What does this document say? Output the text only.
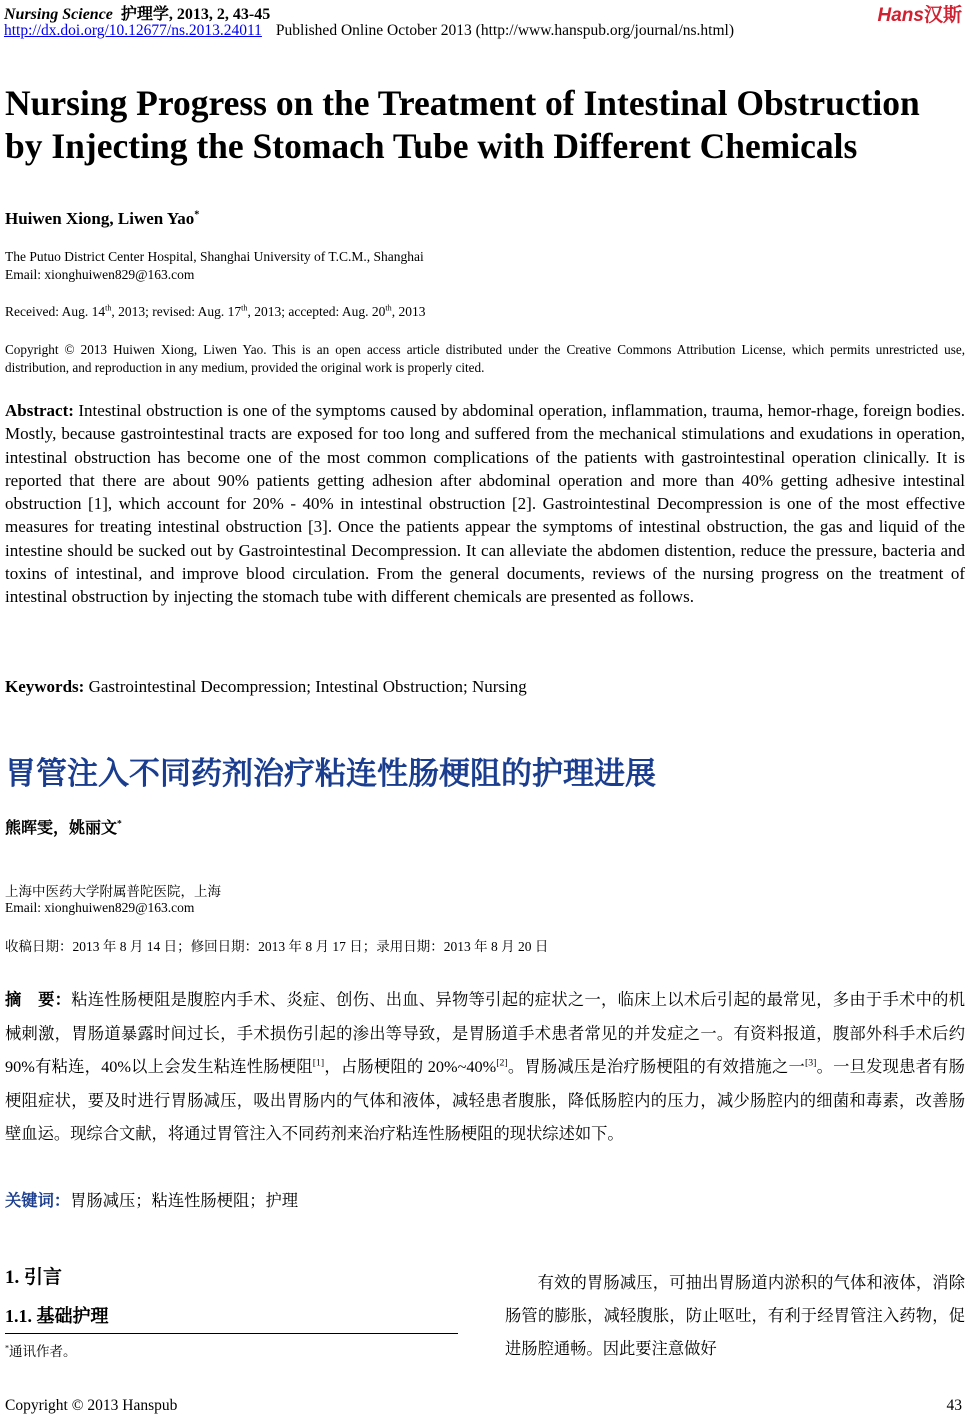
Nursing Science 护理学, 2013, 2, 43-45	Hans汉斯
http://dx.doi.org/10.12677/ns.2013.24011 Published Online October 2013 (http://www.hanspub.org/journal/ns.html)
Nursing Progress on the Treatment of Intestinal Obstruction
by Injecting the Stomach Tube with Different Chemicals
Huiwen Xiong, Liwen Yao*
The Putuo District Center Hospital, Shanghai University of T.C.M., Shanghai
Email: xionghuiwen829@163.com
Received: Aug. 14th, 2013; revised: Aug. 17th, 2013; accepted: Aug. 20th, 2013
Copyright © 2013 Huiwen Xiong, Liwen Yao. This is an open access article distributed under the Creative Commons Attribution License, which permits unrestricted use, distribution, and reproduction in any medium, provided the original work is properly cited.
Abstract: Intestinal obstruction is one of the symptoms caused by abdominal operation, inflammation, trauma, hemor-rhage, foreign bodies. Mostly, because gastrointestinal tracts are exposed for too long and suffered from the mechanical stimulations and exudations in operation, intestinal obstruction has become one of the most common complications of the patients with gastrointestinal operation clinically. It is reported that there are about 90% patients getting adhesion after abdominal operation and more than 40% getting adhesive intestinal obstruction [1], which account for 20% - 40% in intestinal obstruction [2]. Gastrointestinal Decompression is one of the most effective measures for treating intestinal obstruction [3]. Once the patients appear the symptoms of intestinal obstruction, the gas and liquid of the intestine should be sucked out by Gastrointestinal Decompression. It can alleviate the abdomen distention, reduce the pressure, bacteria and toxins of intestinal, and improve blood circulation. From the general documents, reviews of the nursing progress on the treatment of intestinal obstruction by injecting the stomach tube with different chemicals are presented as follows.
Keywords: Gastrointestinal Decompression; Intestinal Obstruction; Nursing
胃管注入不同药剂治疗粘连性肠梗阻的护理进展
熊晖雯，姚丽文*
上海中医药大学附属普陀医院，上海
Email: xionghuiwen829@163.com
收稿日期：2013 年 8 月 14 日；修回日期：2013 年 8 月 17 日；录用日期：2013 年 8 月 20 日
摘　要：粘连性肠梗阻是腹腔内手术、炎症、创伤、出血、异物等引起的症状之一，临床上以术后引起的最常见，多由于手术中的机械刺激，胃肠道暴露时间过长，手术损伤引起的渗出等导致，是胃肠道手术患者常见的并发症之一。有资料报道，腹部外科手术后约 90%有粘连，40%以上会发生粘连性肠梗阻[1]，占肠梗阻的 20%~40%[2]。胃肠减压是治疗肠梗阻的有效措施之一[3]。一旦发现患者有肠梗阻症状，要及时进行胃肠减压，吸出胃肠内的气体和液体，减轻患者腹胀，降低肠腔内的压力，减少肠腔内的细菌和毒素，改善肠壁血运。现综合文献，将通过胃管注入不同药剂来治疗粘连性肠梗阻的现状综述如下。
关键词：胃肠减压；粘连性肠梗阻；护理
1. 引言
1.1. 基础护理
*通讯作者。
有效的胃肠减压，可抽出胃肠道内淤积的气体和液体，消除肠管的膨胀，减轻腹胀，防止呕吐，有利于经胃管注入药物，促进肠腔通畅。因此要注意做好
Copyright © 2013 Hanspub	43
